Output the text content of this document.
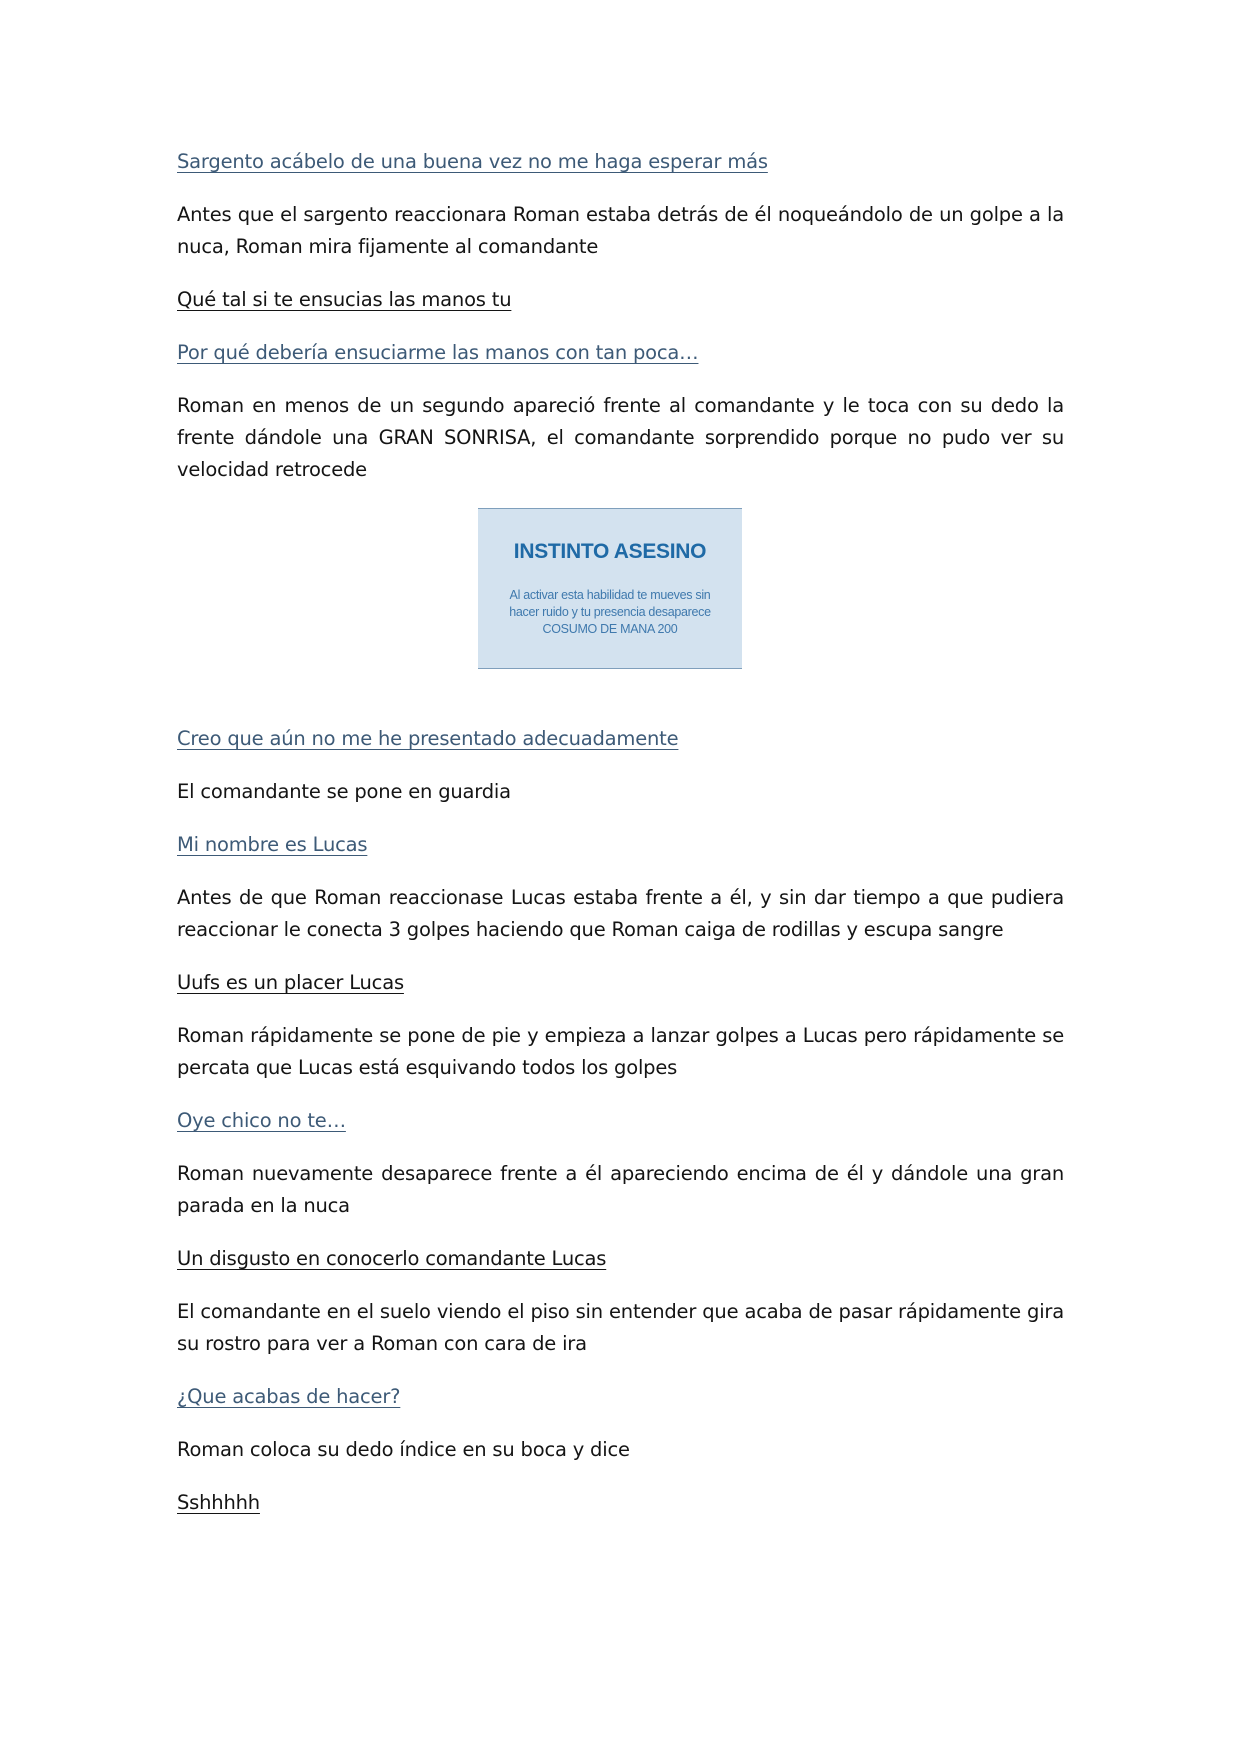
Sargento acábelo de una buena vez no me haga esperar más

Antes que el sargento reaccionara Roman estaba detrás de él noqueándolo de un golpe a la nuca, Roman mira fijamente al comandante

Qué tal si te ensucias las manos tu

Por qué debería ensuciarme las manos con tan poca…

Roman en menos de un segundo apareció frente al comandante y le toca con su dedo la frente dándole una GRAN SONRISA, el comandante sorprendido porque no pudo ver su velocidad retrocede

INSTINTO ASESINO
Al activar esta habilidad te mueves sin
hacer ruido y tu presencia desaparece
COSUMO DE MANA 200

Creo que aún no me he presentado adecuadamente

El comandante se pone en guardia

Mi nombre es Lucas

Antes de que Roman reaccionase Lucas estaba frente a él, y sin dar tiempo a que pudiera reaccionar le conecta 3 golpes haciendo que Roman caiga de rodillas y escupa sangre

Uufs es un placer Lucas

Roman rápidamente se pone de pie y empieza a lanzar golpes a Lucas pero rápidamente se percata que Lucas está esquivando todos los golpes

Oye chico no te…

Roman nuevamente desaparece frente a él apareciendo encima de él y dándole una gran parada en la nuca

Un disgusto en conocerlo comandante Lucas

El comandante en el suelo viendo el piso sin entender que acaba de pasar rápidamente gira su rostro para ver a Roman con cara de ira

¿Que acabas de hacer?

Roman coloca su dedo índice en su boca y dice

Sshhhhh
